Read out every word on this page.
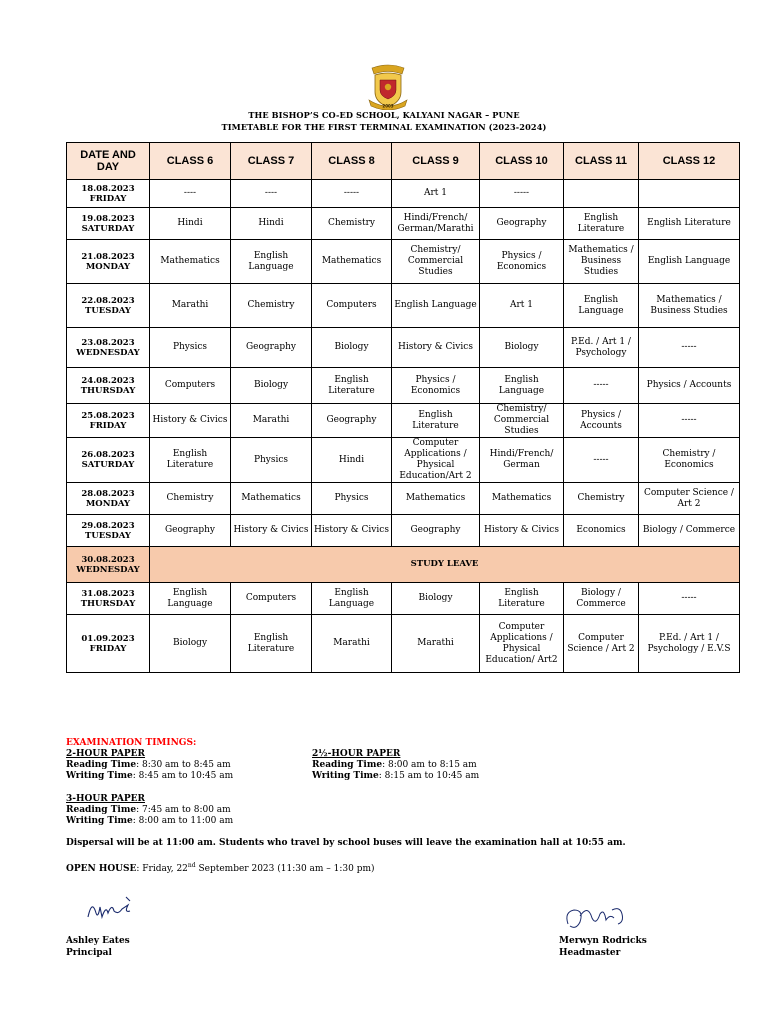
2003
THE BISHOP’S CO-ED SCHOOL, KALYANI NAGAR – PUNE
TIMETABLE FOR THE FIRST TERMINAL EXAMINATION (2023-2024)
DATE AND DAY	CLASS 6	CLASS 7	CLASS 8	CLASS 9	CLASS 10	CLASS 11	CLASS 12
18.08.2023
FRIDAY	----	----	-----	Art 1	-----		
19.08.2023
SATURDAY	Hindi	Hindi	Chemistry	Hindi/French/ German/Marathi	Geography	English Literature	English Literature
21.08.2023
MONDAY	Mathematics	English Language	Mathematics	Chemistry/ Commercial Studies	Physics / Economics	Mathematics / Business Studies	English Language
22.08.2023
TUESDAY	Marathi	Chemistry	Computers	English Language	Art 1	English Language	Mathematics / Business Studies
23.08.2023
WEDNESDAY	Physics	Geography	Biology	History & Civics	Biology	P.Ed. / Art 1 / Psychology	-----
24.08.2023
THURSDAY	Computers	Biology	English Literature	Physics / Economics	English Language	-----	Physics / Accounts
25.08.2023
FRIDAY	History & Civics	Marathi	Geography	English Literature	Chemistry/ Commercial Studies	Physics / Accounts	-----
26.08.2023
SATURDAY	English Literature	Physics	Hindi	Computer Applications / Physical Education/Art 2	Hindi/French/ German	-----	Chemistry / Economics
28.08.2023
MONDAY	Chemistry	Mathematics	Physics	Mathematics	Mathematics	Chemistry	Computer Science / Art 2
29.08.2023
TUESDAY	Geography	History & Civics	History & Civics	Geography	History & Civics	Economics	Biology / Commerce
30.08.2023
WEDNESDAY	STUDY LEAVE						
31.08.2023
THURSDAY	English Language	Computers	English Language	Biology	English Literature	Biology / Commerce	-----
01.09.2023
FRIDAY	Biology	English Literature	Marathi	Marathi	Computer Applications / Physical Education/ Art2	Computer Science / Art 2	P.Ed. / Art 1 / Psychology / E.V.S
EXAMINATION TIMINGS:
2-HOUR PAPER
Reading Time: 8:30 am to 8:45 am
Writing Time: 8:45 am to 10:45 am
2½-HOUR PAPER
Reading Time: 8:00 am to 8:15 am
Writing Time: 8:15 am to 10:45 am
3-HOUR PAPER
Reading Time: 7:45 am to 8:00 am
Writing Time: 8:00 am to 11:00 am
Dispersal will be at 11:00 am. Students who travel by school buses will leave the examination hall at 10:55 am.
OPEN HOUSE: Friday, 22nd September 2023 (11:30 am – 1:30 pm)
Ashley Eates
Principal
Merwyn Rodricks
Headmaster
